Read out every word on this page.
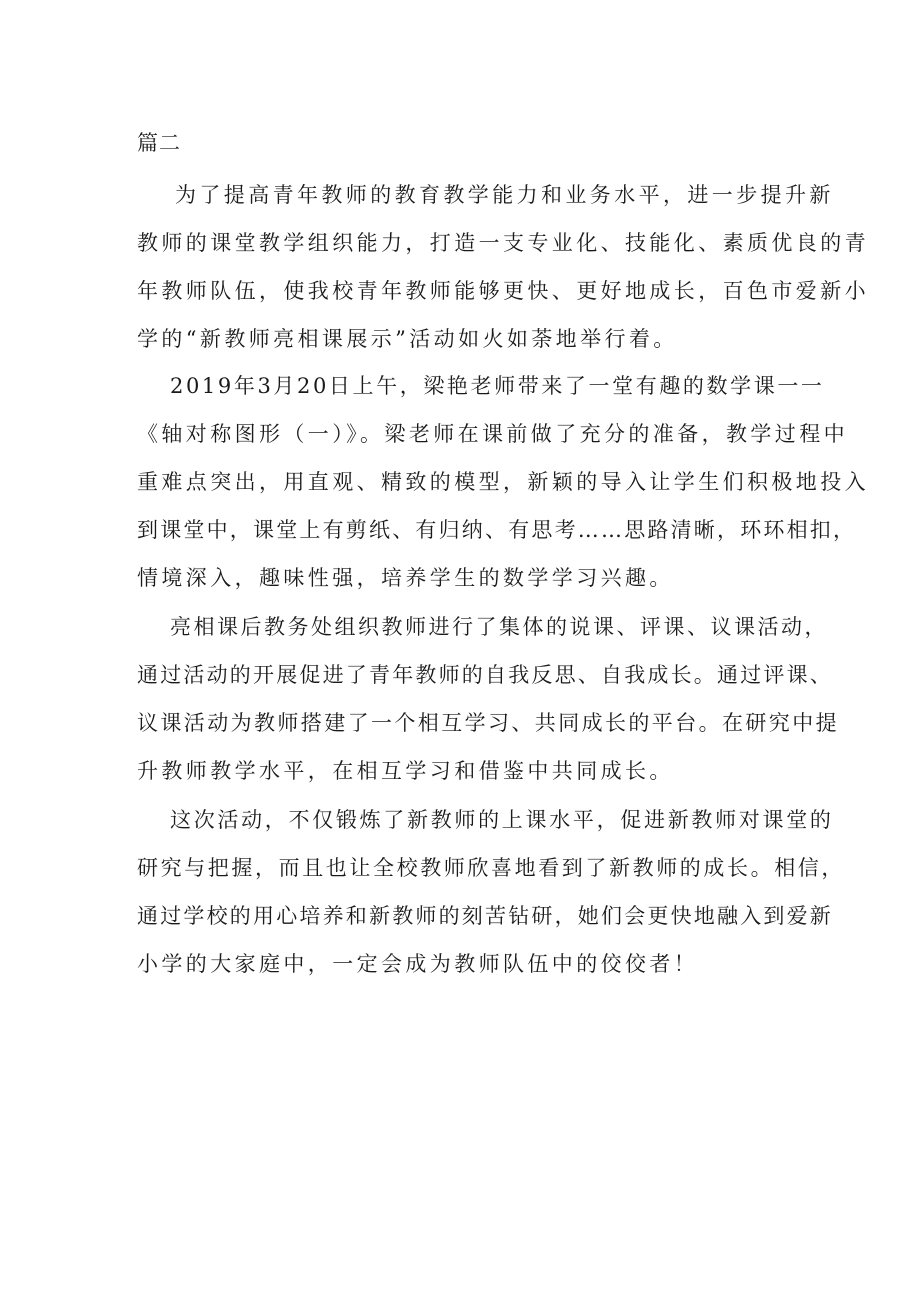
篇二
为了提高青年教师的教育教学能力和业务水平，进一步提升新
教师的课堂教学组织能力，打造一支专业化、技能化、素质优良的青
年教师队伍，使我校青年教师能够更快、更好地成长，百色市爱新小
学的“新教师亮相课展示”活动如火如荼地举行着。
2019年3月20日上午，梁艳老师带来了一堂有趣的数学课一一
《轴对称图形（一）》。梁老师在课前做了充分的准备，教学过程中
重难点突出，用直观、精致的模型，新颖的导入让学生们积极地投入
到课堂中，课堂上有剪纸、有归纳、有思考……思路清晰，环环相扣，
情境深入，趣味性强，培养学生的数学学习兴趣。
亮相课后教务处组织教师进行了集体的说课、评课、议课活动，
通过活动的开展促进了青年教师的自我反思、自我成长。通过评课、
议课活动为教师搭建了一个相互学习、共同成长的平台。在研究中提
升教师教学水平，在相互学习和借鉴中共同成长。
这次活动，不仅锻炼了新教师的上课水平，促进新教师对课堂的
研究与把握，而且也让全校教师欣喜地看到了新教师的成长。相信，
通过学校的用心培养和新教师的刻苦钻研，她们会更快地融入到爱新
小学的大家庭中，一定会成为教师队伍中的佼佼者！
